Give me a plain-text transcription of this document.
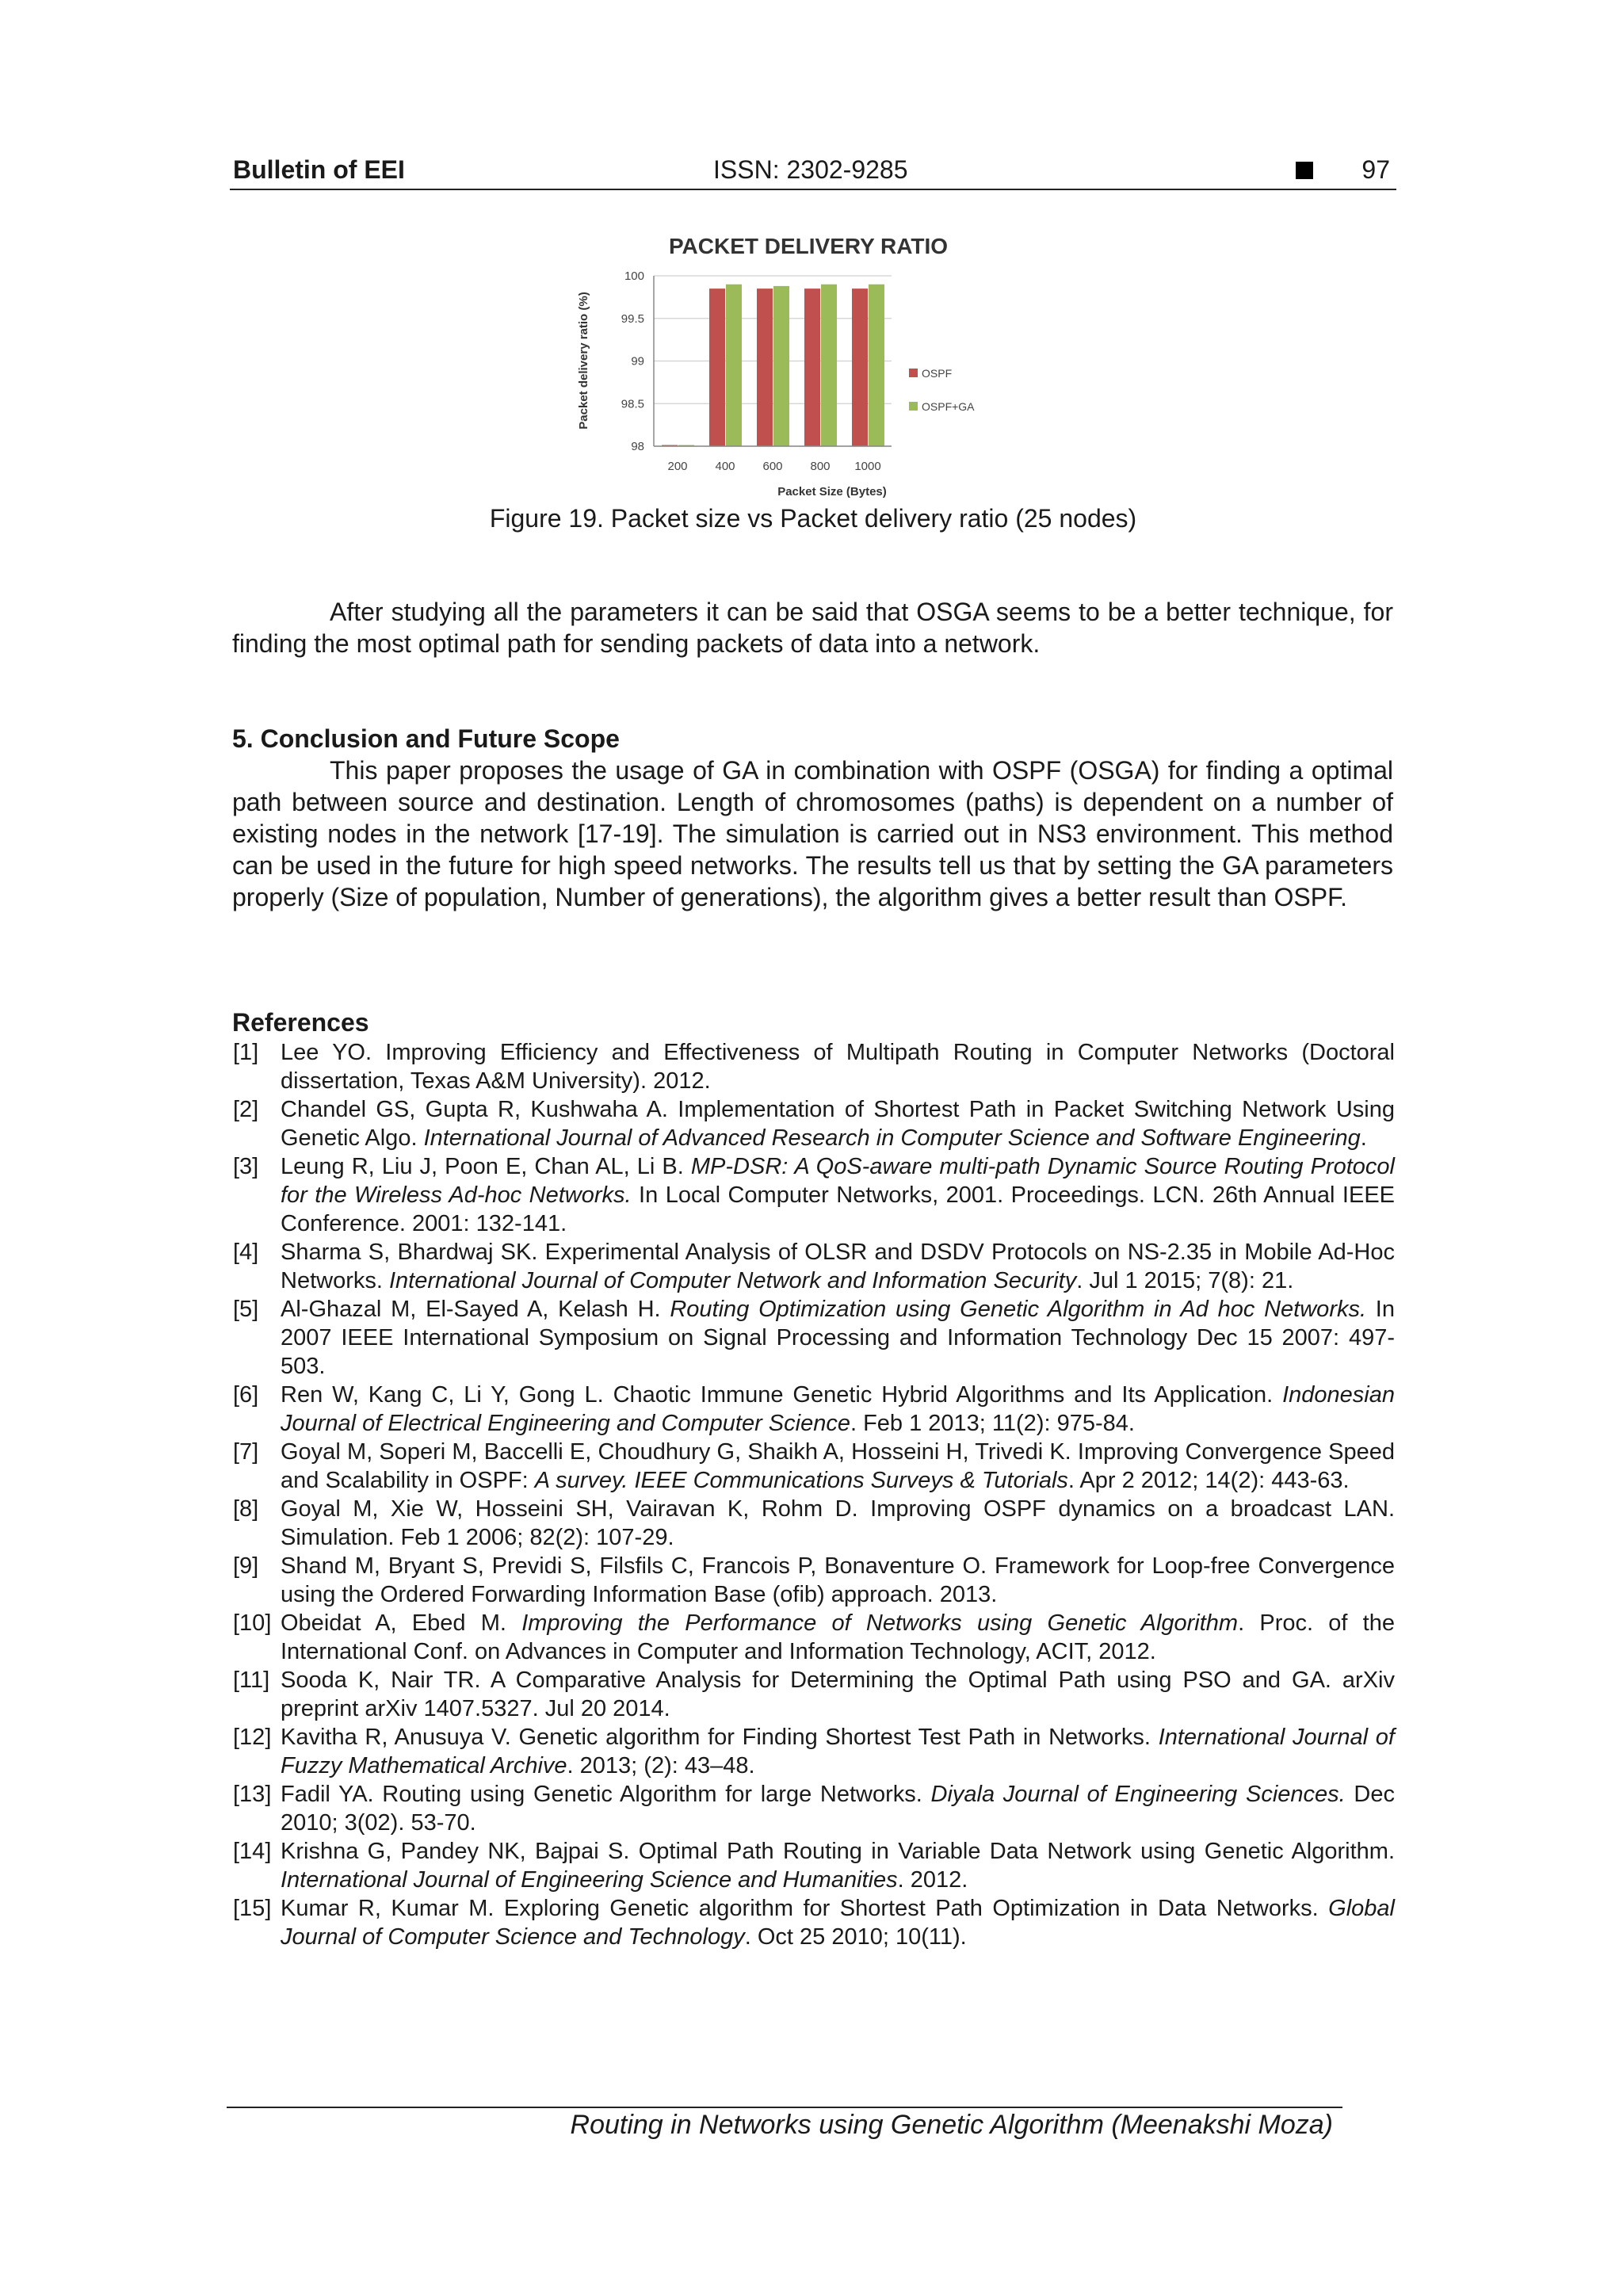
Bulletin of EEI	ISSN: 2302-9285	97
PACKET DELIVERY RATIO
98
98.5
99
99.5
100
200 400 600 800 1000
Packet Size (Bytes)
Packet delivery ratio (%)	OSPF
OSPF+GA
Figure 19. Packet size vs Packet delivery ratio (25 nodes)

After studying all the parameters it can be said that OSGA seems to be a better technique, for finding the most optimal path for sending packets of data into a network.

5. Conclusion and Future Scope

This paper proposes the usage of GA in combination with OSPF (OSGA) for finding a optimal path between source and destination. Length of chromosomes (paths) is dependent on a number of existing nodes in the network [17-19]. The simulation is carried out in NS3 environment. This method can be used in the future for high speed networks. The results tell us that by setting the GA parameters properly (Size of population, Number of generations), the algorithm gives a better result than OSPF.

References
[1] Lee YO. Improving Efficiency and Effectiveness of Multipath Routing in Computer Networks (Doctoral dissertation, Texas A&M University). 2012.
[2] Chandel GS, Gupta R, Kushwaha A. Implementation of Shortest Path in Packet Switching Network Using Genetic Algo. International Journal of Advanced Research in Computer Science and Software Engineering.
[3] Leung R, Liu J, Poon E, Chan AL, Li B. MP-DSR: A QoS-aware multi-path Dynamic Source Routing Protocol for the Wireless Ad-hoc Networks. In Local Computer Networks, 2001. Proceedings. LCN. 26th Annual IEEE Conference. 2001: 132-141.
[4] Sharma S, Bhardwaj SK. Experimental Analysis of OLSR and DSDV Protocols on NS-2.35 in Mobile Ad-Hoc Networks. International Journal of Computer Network and Information Security. Jul 1 2015; 7(8): 21.
[5] Al-Ghazal M, El-Sayed A, Kelash H. Routing Optimization using Genetic Algorithm in Ad hoc Networks. In 2007 IEEE International Symposium on Signal Processing and Information Technology Dec 15 2007: 497-503.
[6] Ren W, Kang C, Li Y, Gong L. Chaotic Immune Genetic Hybrid Algorithms and Its Application. Indonesian Journal of Electrical Engineering and Computer Science. Feb 1 2013; 11(2): 975-84.
[7] Goyal M, Soperi M, Baccelli E, Choudhury G, Shaikh A, Hosseini H, Trivedi K. Improving Convergence Speed and Scalability in OSPF: A survey. IEEE Communications Surveys & Tutorials. Apr 2 2012; 14(2): 443-63.
[8] Goyal M, Xie W, Hosseini SH, Vairavan K, Rohm D. Improving OSPF dynamics on a broadcast LAN. Simulation. Feb 1 2006; 82(2): 107-29.
[9] Shand M, Bryant S, Previdi S, Filsfils C, Francois P, Bonaventure O. Framework for Loop-free Convergence using the Ordered Forwarding Information Base (ofib) approach. 2013.
[10] Obeidat A, Ebed M. Improving the Performance of Networks using Genetic Algorithm. Proc. of the International Conf. on Advances in Computer and Information Technology, ACIT, 2012.
[11] Sooda K, Nair TR. A Comparative Analysis for Determining the Optimal Path using PSO and GA. arXiv preprint arXiv 1407.5327. Jul 20 2014.
[12] Kavitha R, Anusuya V. Genetic algorithm for Finding Shortest Test Path in Networks. International Journal of Fuzzy Mathematical Archive. 2013; (2): 43–48.
[13] Fadil YA. Routing using Genetic Algorithm for large Networks. Diyala Journal of Engineering Sciences. Dec 2010; 3(02). 53-70.
[14] Krishna G, Pandey NK, Bajpai S. Optimal Path Routing in Variable Data Network using Genetic Algorithm. International Journal of Engineering Science and Humanities. 2012.
[15] Kumar R, Kumar M. Exploring Genetic algorithm for Shortest Path Optimization in Data Networks. Global Journal of Computer Science and Technology. Oct 25 2010; 10(11).
Routing in Networks using Genetic Algorithm (Meenakshi Moza)
